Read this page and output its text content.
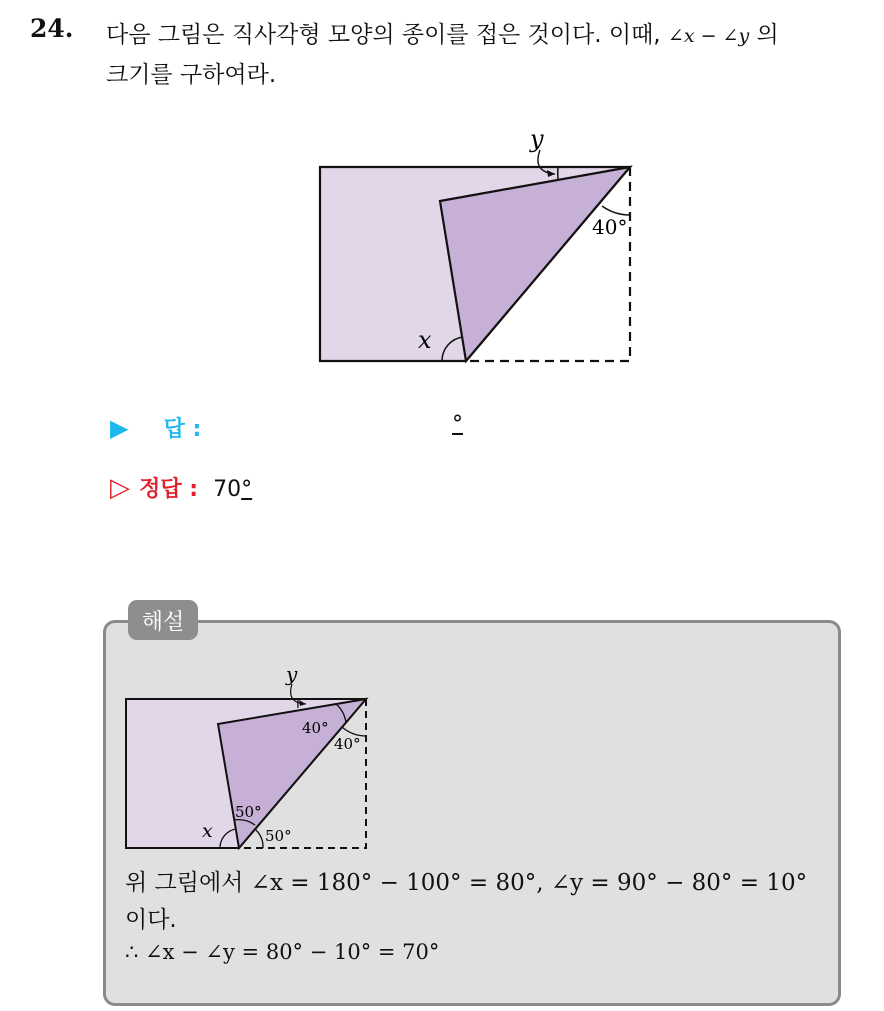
24. 다음 그림은 직사각형 모양의 종이를 접은 것이다. 이때, ∠x − ∠y 의
크기를 구하여라.
40°
y
x
▶ 답 :	°
▷ 정답 : 70°
해설
y
40°
40°
50°
50°
x
위 그림에서 ∠x = 180° − 100° = 80°, ∠y = 90° − 80° = 10°
이다.
∴ ∠x − ∠y = 80° − 10° = 70°
